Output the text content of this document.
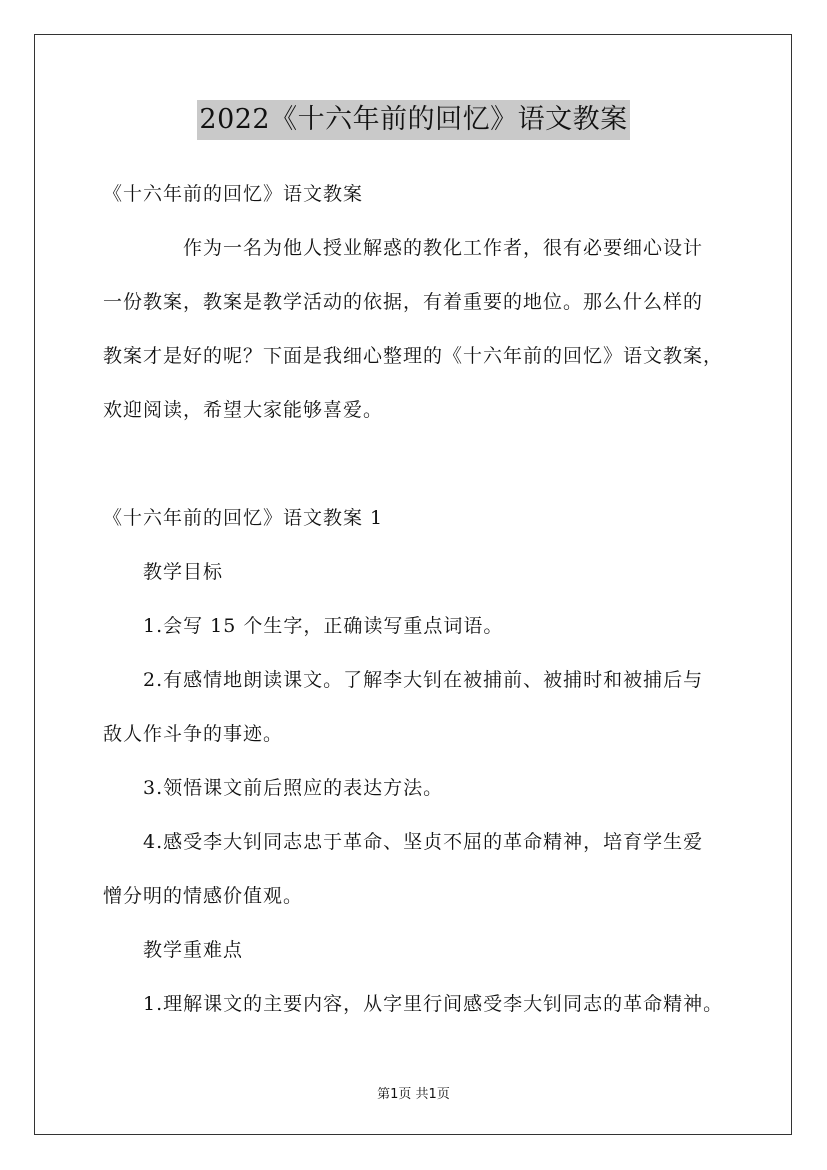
2022《十六年前的回忆》语文教案
《十六年前的回忆》语文教案
作为一名为他人授业解惑的教化工作者，很有必要细心设计
一份教案，教案是教学活动的依据，有着重要的地位。那么什么样的
教案才是好的呢？下面是我细心整理的《十六年前的回忆》语文教案，
欢迎阅读，希望大家能够喜爱。
《十六年前的回忆》语文教案 1
教学目标
1.会写 15 个生字，正确读写重点词语。
2.有感情地朗读课文。了解李大钊在被捕前、被捕时和被捕后与
敌人作斗争的事迹。
3.领悟课文前后照应的表达方法。
4.感受李大钊同志忠于革命、坚贞不屈的革命精神，培育学生爱
憎分明的情感价值观。
教学重难点
1.理解课文的主要内容，从字里行间感受李大钊同志的革命精神。
第1页 共1页
